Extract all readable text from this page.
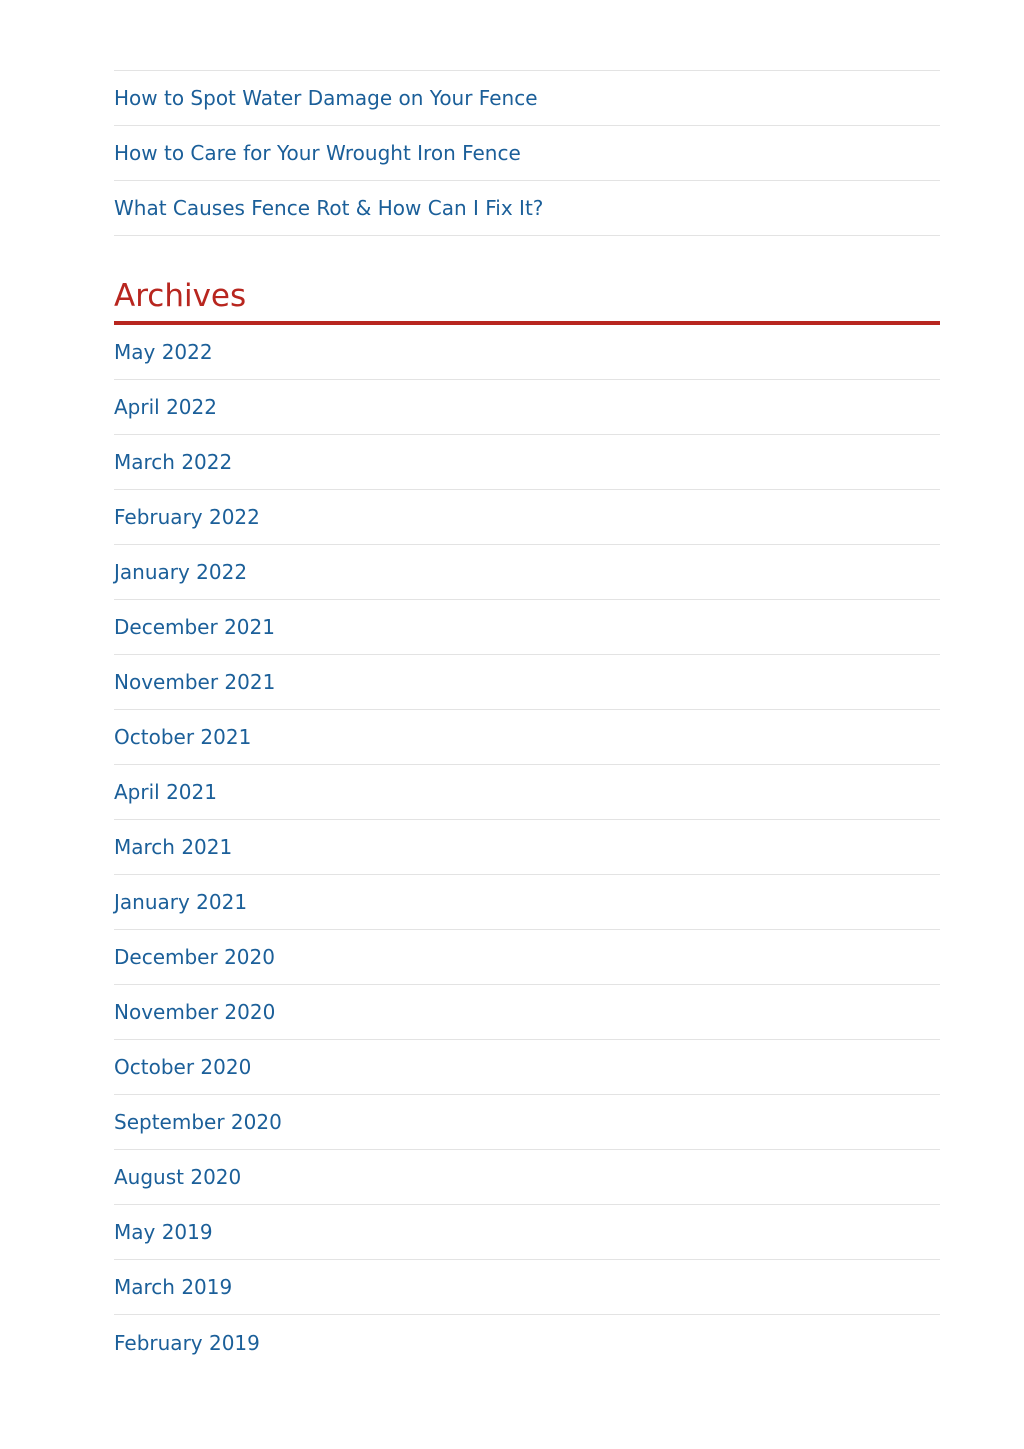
How to Spot Water Damage on Your Fence
How to Care for Your Wrought Iron Fence
What Causes Fence Rot & How Can I Fix It?
Archives
May 2022
April 2022
March 2022
February 2022
January 2022
December 2021
November 2021
October 2021
April 2021
March 2021
January 2021
December 2020
November 2020
October 2020
September 2020
August 2020
May 2019
March 2019
February 2019
